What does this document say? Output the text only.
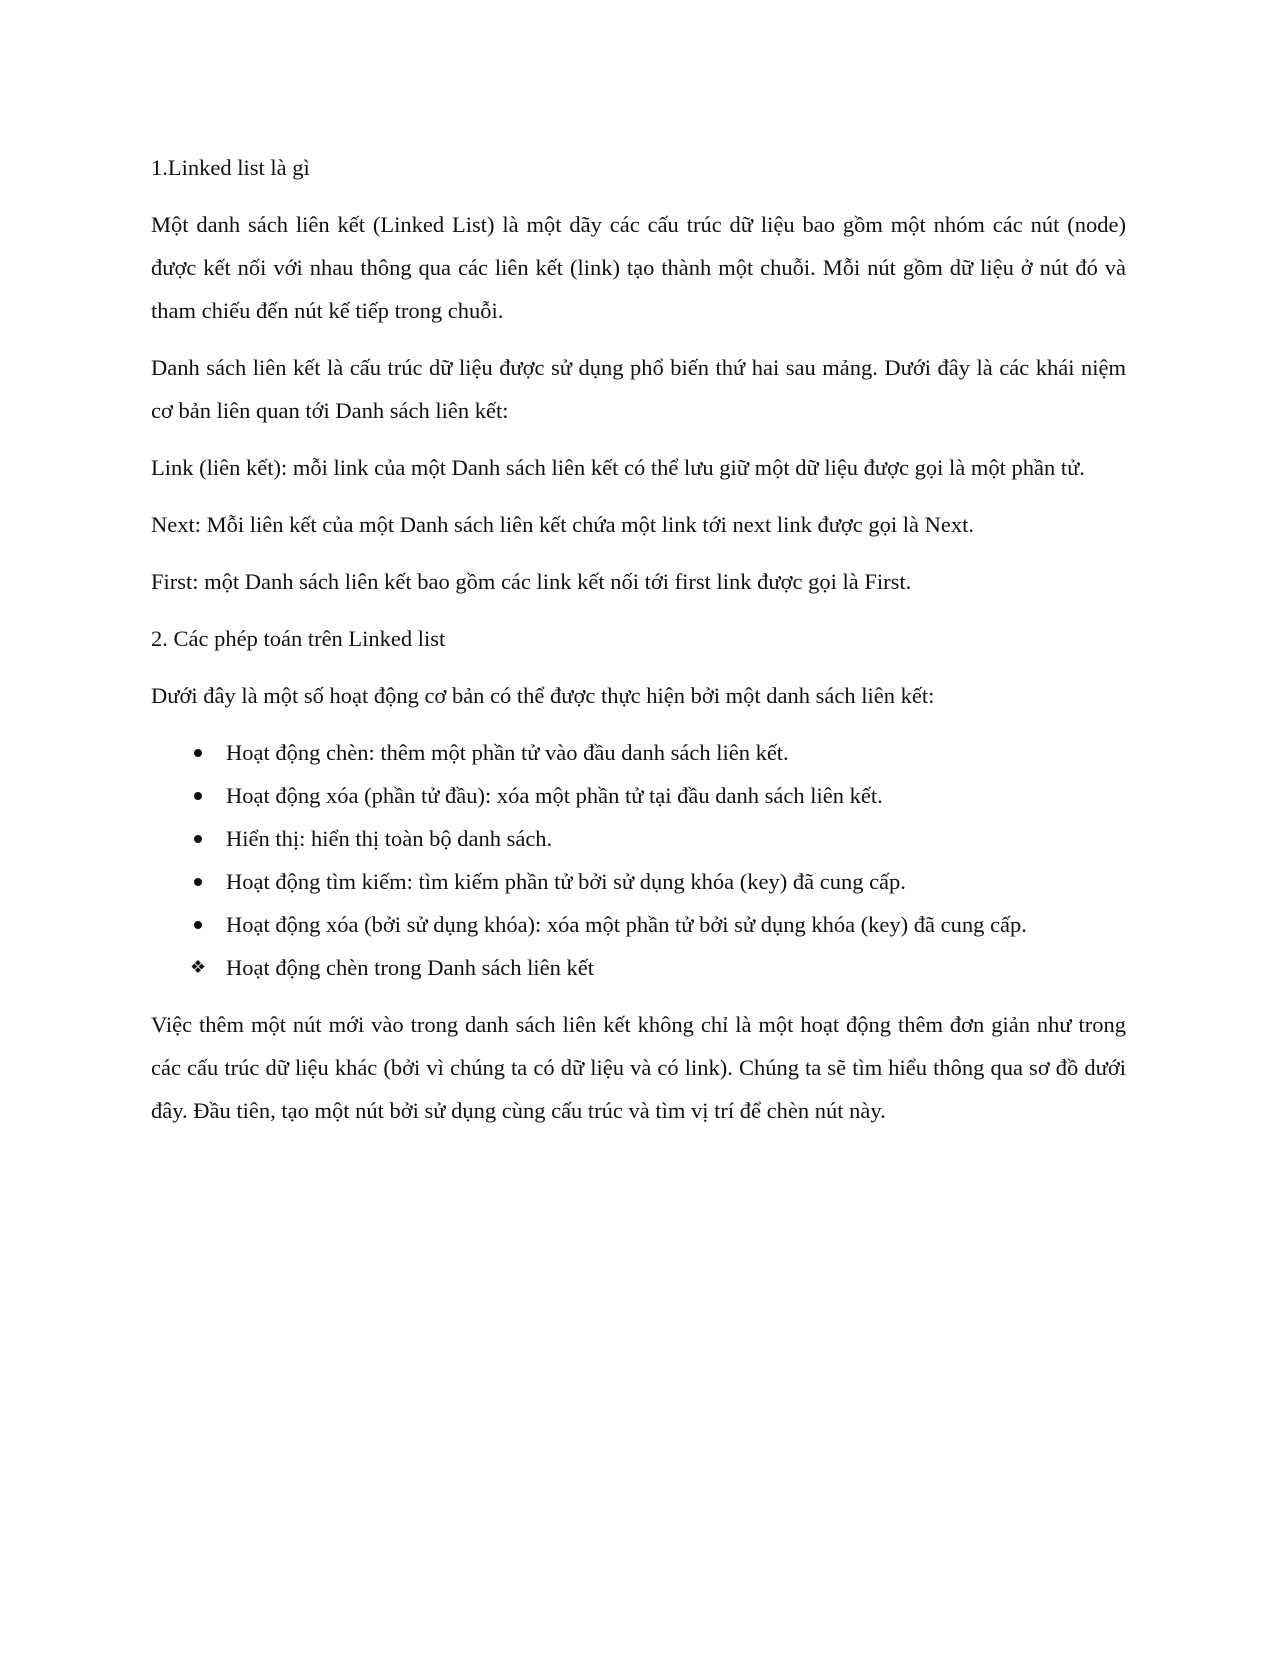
1.Linked list là gì

Một danh sách liên kết (Linked List) là một dãy các cấu trúc dữ liệu bao gồm một nhóm các nút (node) được kết nối với nhau thông qua các liên kết (link) tạo thành một chuỗi. Mỗi nút gồm dữ liệu ở nút đó và tham chiếu đến nút kế tiếp trong chuỗi.

Danh sách liên kết là cấu trúc dữ liệu được sử dụng phổ biến thứ hai sau mảng. Dưới đây là các khái niệm cơ bản liên quan tới Danh sách liên kết:

Link (liên kết): mỗi link của một Danh sách liên kết có thể lưu giữ một dữ liệu được gọi là một phần tử.

Next: Mỗi liên kết của một Danh sách liên kết chứa một link tới next link được gọi là Next.

First: một Danh sách liên kết bao gồm các link kết nối tới first link được gọi là First.

2. Các phép toán trên Linked list

Dưới đây là một số hoạt động cơ bản có thể được thực hiện bởi một danh sách liên kết:

Hoạt động chèn: thêm một phần tử vào đầu danh sách liên kết.
Hoạt động xóa (phần tử đầu): xóa một phần tử tại đầu danh sách liên kết.
Hiển thị: hiển thị toàn bộ danh sách.
Hoạt động tìm kiếm: tìm kiếm phần tử bởi sử dụng khóa (key) đã cung cấp.
Hoạt động xóa (bởi sử dụng khóa): xóa một phần tử bởi sử dụng khóa (key) đã cung cấp.
❖ Hoạt động chèn trong Danh sách liên kết

Việc thêm một nút mới vào trong danh sách liên kết không chỉ là một hoạt động thêm đơn giản như trong các cấu trúc dữ liệu khác (bởi vì chúng ta có dữ liệu và có link). Chúng ta sẽ tìm hiểu thông qua sơ đồ dưới đây. Đầu tiên, tạo một nút bởi sử dụng cùng cấu trúc và tìm vị trí để chèn nút này.
